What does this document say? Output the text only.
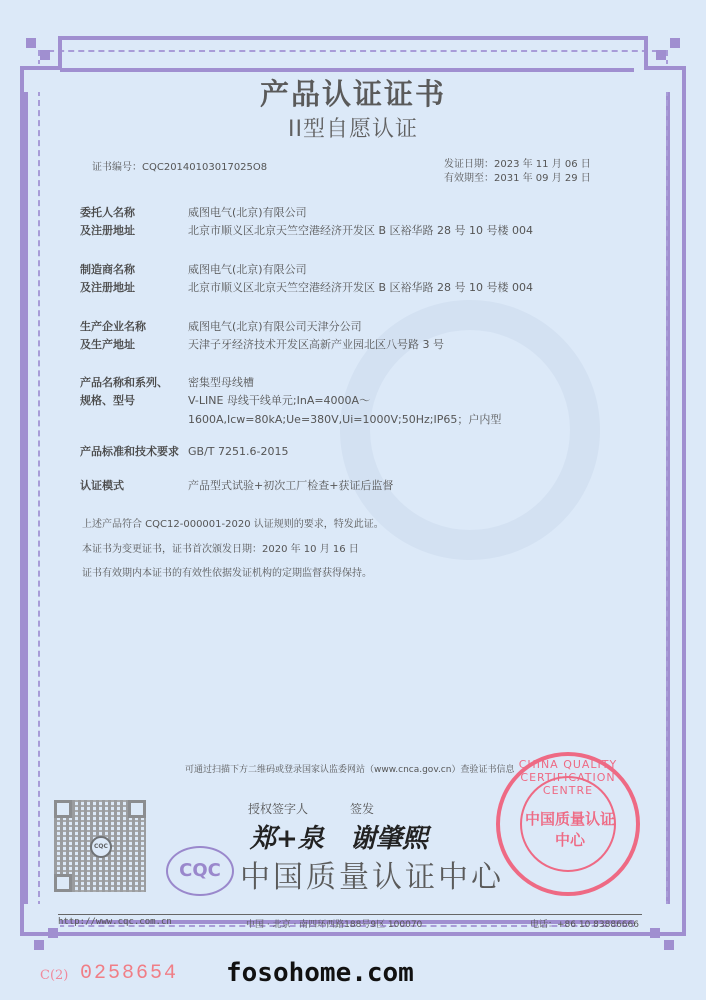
产品认证证书
II型自愿认证
证书编号：CQC20140103017025O8	发证日期：2023 年 11 月 06 日
有效期至：2031 年 09 月 29 日
委托人名称	威图电气(北京)有限公司
及注册地址	北京市顺义区北京天竺空港经济开发区 B 区裕华路 28 号 10 号楼 004
制造商名称	威图电气(北京)有限公司
及注册地址	北京市顺义区北京天竺空港经济开发区 B 区裕华路 28 号 10 号楼 004
生产企业名称	威图电气(北京)有限公司天津分公司
及生产地址	天津子牙经济技术开发区高新产业园北区八号路 3 号
产品名称和系列、	密集型母线槽
规格、型号	V-LINE 母线干线单元;InA=4000A～1600A,Icw=80kA;Ue=380V,Ui=1000V;50Hz;IP65；户内型
产品标准和技术要求 GB/T 7251.6-2015
认证模式	产品型式试验+初次工厂检查+获证后监督
上述产品符合 CQC12-000001-2020 认证规则的要求，特发此证。
本证书为变更证书，证书首次颁发日期：2020 年 10 月 16 日
证书有效期内本证书的有效性依据发证机构的定期监督获得保持。
可通过扫描下方二维码或登录国家认监委网站（www.cnca.gov.cn）查验证书信息
CQC
授权签字人	签发
郑+泉 谢肇熙
CQC 中国质量认证中心
CHINA QUALITY CERTIFICATION CENTRE
中国质量认证中心
http://www.cqc.com.cn	中国 · 北京 · 南四环西路188号9区 100070	电话：+86 10 83886666
C(2) 0258654 fosohome.com
